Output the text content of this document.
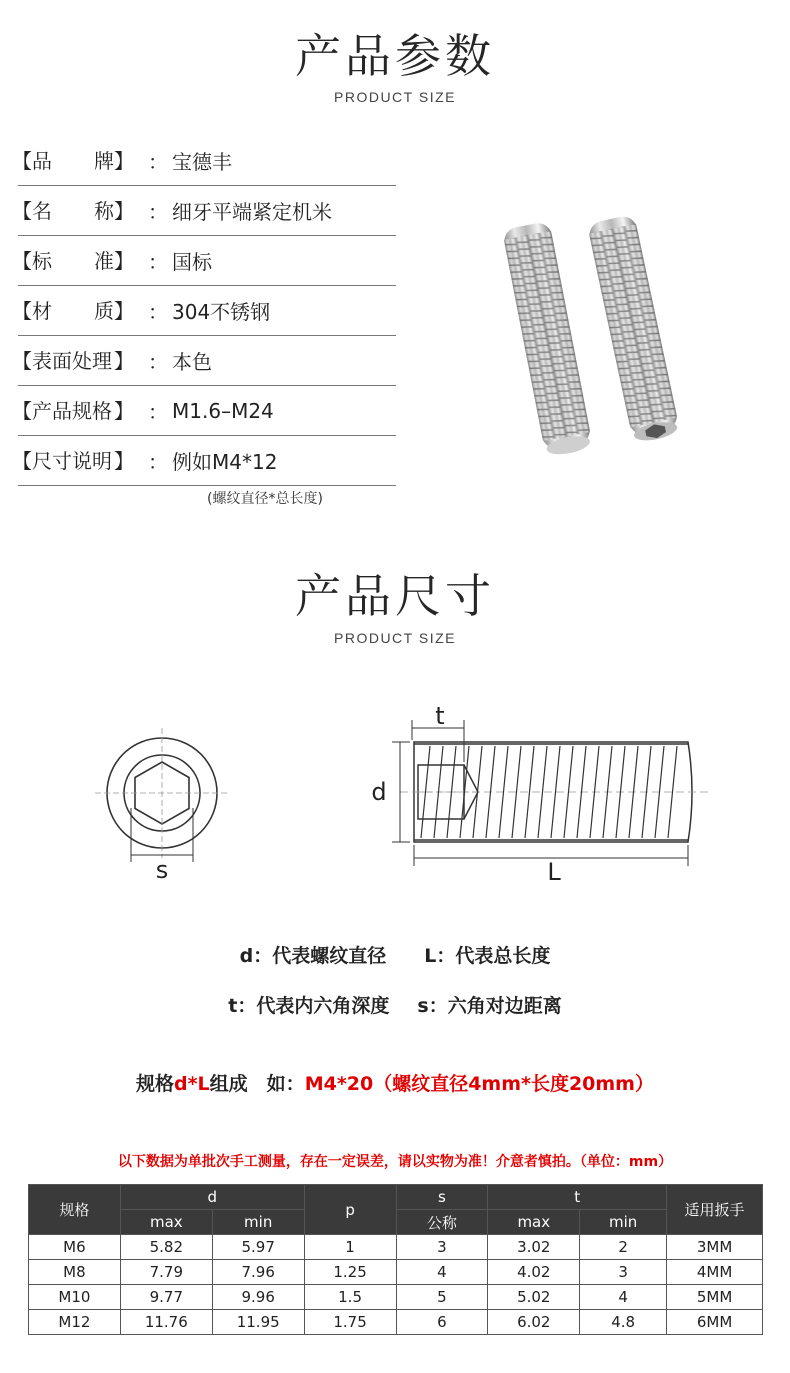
产品参数
PRODUCT SIZE
【 品 牌 】 ： 宝德丰
【 名 称 】 ： 细牙平端紧定机米
【 标 准 】 ： 国标
【 材 质 】 ： 304不锈钢
【 表面处理 】 ： 本色
【 产品规格 】 ： M1.6–M24
【 尺寸说明 】 ： 例如M4*12
(螺纹直径*总长度)
产品尺寸
PRODUCT SIZE
s
d
t
L
d：代表螺纹直径 L：代表总长度
t：代表内六角深度 s：六角对边距离
规格d*L组成　如：M4*20（螺纹直径4mm*长度20mm）
以下数据为单批次手工测量，存在一定误差，请以实物为准！介意者慎拍。（单位：mm）
规格	d		p	s	t		适用扳手
	max	min		公称	max	min	
M6	5.82	5.97	1	3	3.02	2	3MM
M8	7.79	7.96	1.25	4	4.02	3	4MM
M10	9.77	9.96	1.5	5	5.02	4	5MM
M12	11.76	11.95	1.75	6	6.02	4.8	6MM
